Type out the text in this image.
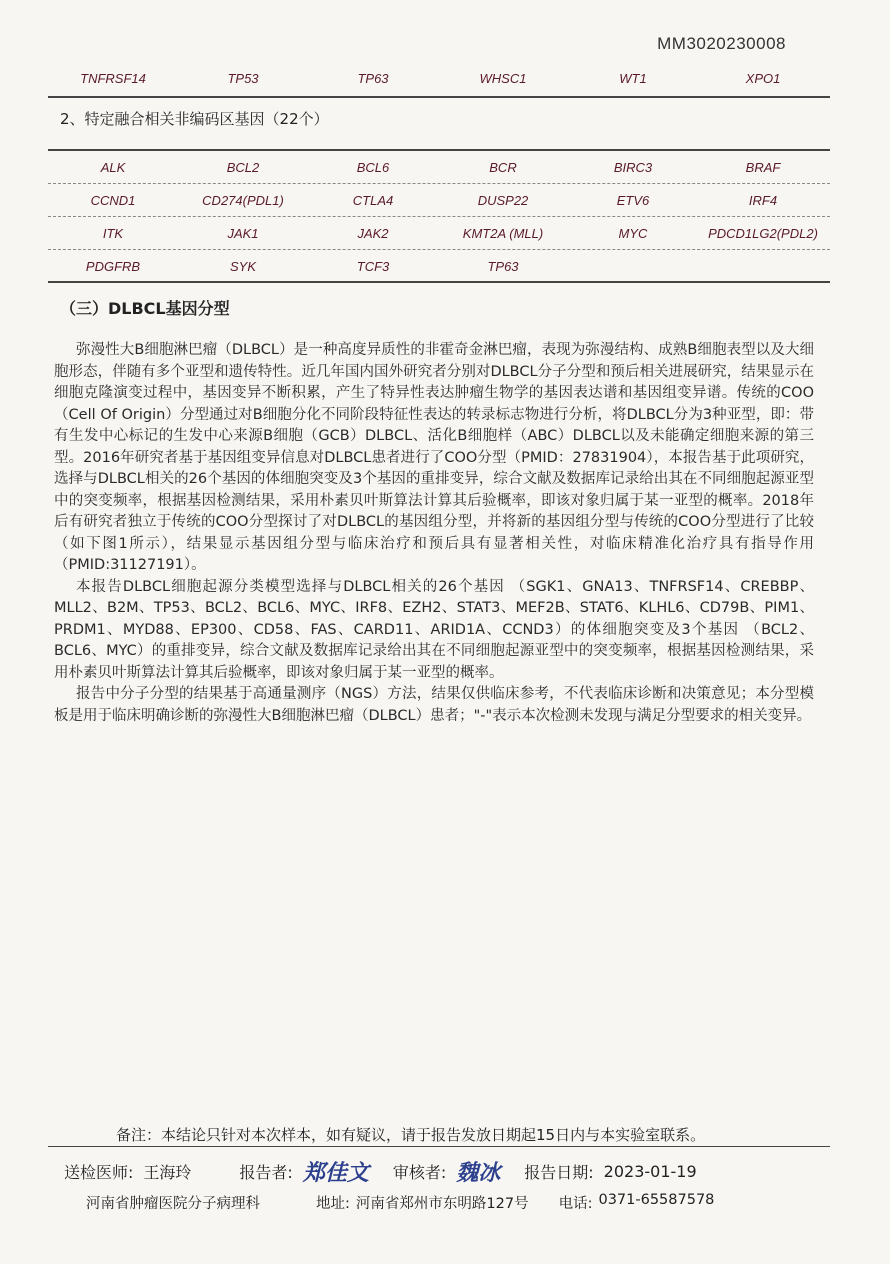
MM3020230008
TNFRSF14	TP53	TP63	WHSC1	WT1	XPO1
2、特定融合相关非编码区基因（22个）
ALK	BCL2	BCL6	BCR	BIRC3	BRAF
CCND1	CD274(PDL1)	CTLA4	DUSP22	ETV6	IRF4
ITK	JAK1	JAK2	KMT2A (MLL)	MYC	PDCD1LG2(PDL2)
PDGFRB	SYK	TCF3	TP63
（三）DLBCL基因分型

弥漫性大B细胞淋巴瘤（DLBCL）是一种高度异质性的非霍奇金淋巴瘤，表现为弥漫结构、成熟B细胞表型以及大细胞形态，伴随有多个亚型和遗传特性。近几年国内国外研究者分别对DLBCL分子分型和预后相关进展研究，结果显示在细胞克隆演变过程中，基因变异不断积累，产生了特异性表达肿瘤生物学的基因表达谱和基因组变异谱。传统的COO（Cell Of Origin）分型通过对B细胞分化不同阶段特征性表达的转录标志物进行分析，将DLBCL分为3种亚型，即：带有生发中心标记的生发中心来源B细胞（GCB）DLBCL、活化B细胞样（ABC）DLBCL以及未能确定细胞来源的第三型。2016年研究者基于基因组变异信息对DLBCL患者进行了COO分型（PMID：27831904），本报告基于此项研究，选择与DLBCL相关的26个基因的体细胞突变及3个基因的重排变异，综合文献及数据库记录给出其在不同细胞起源亚型中的突变频率，根据基因检测结果，采用朴素贝叶斯算法计算其后验概率，即该对象归属于某一亚型的概率。2018年后有研究者独立于传统的COO分型探讨了对DLBCL的基因组分型，并将新的基因组分型与传统的COO分型进行了比较（如下图1所示），结果显示基因组分型与临床治疗和预后具有显著相关性，对临床精准化治疗具有指导作用（PMID:31127191）。

本报告DLBCL细胞起源分类模型选择与DLBCL相关的26个基因 （SGK1、GNA13、TNFRSF14、CREBBP、MLL2、B2M、TP53、BCL2、BCL6、MYC、IRF8、EZH2、STAT3、MEF2B、STAT6、KLHL6、CD79B、PIM1、PRDM1、MYD88、EP300、CD58、FAS、CARD11、ARID1A、CCND3）的体细胞突变及3个基因 （BCL2、BCL6、MYC）的重排变异，综合文献及数据库记录给出其在不同细胞起源亚型中的突变频率，根据基因检测结果，采用朴素贝叶斯算法计算其后验概率，即该对象归属于某一亚型的概率。

报告中分子分型的结果基于高通量测序（NGS）方法，结果仅供临床参考，不代表临床诊断和决策意见；本分型模板是用于临床明确诊断的弥漫性大B细胞淋巴瘤（DLBCL）患者；"-"表示本次检测未发现与满足分型要求的相关变异。

备注：本结论只针对本次样本，如有疑议，请于报告发放日期起15日内与本实验室联系。
送检医师: 王海玲	报告者: 郑佳文 审核者: 魏冰 报告日期: 2023-01-19
河南省肿瘤医院分子病理科	地址: 河南省郑州市东明路127号 电话: 0371-65587578
